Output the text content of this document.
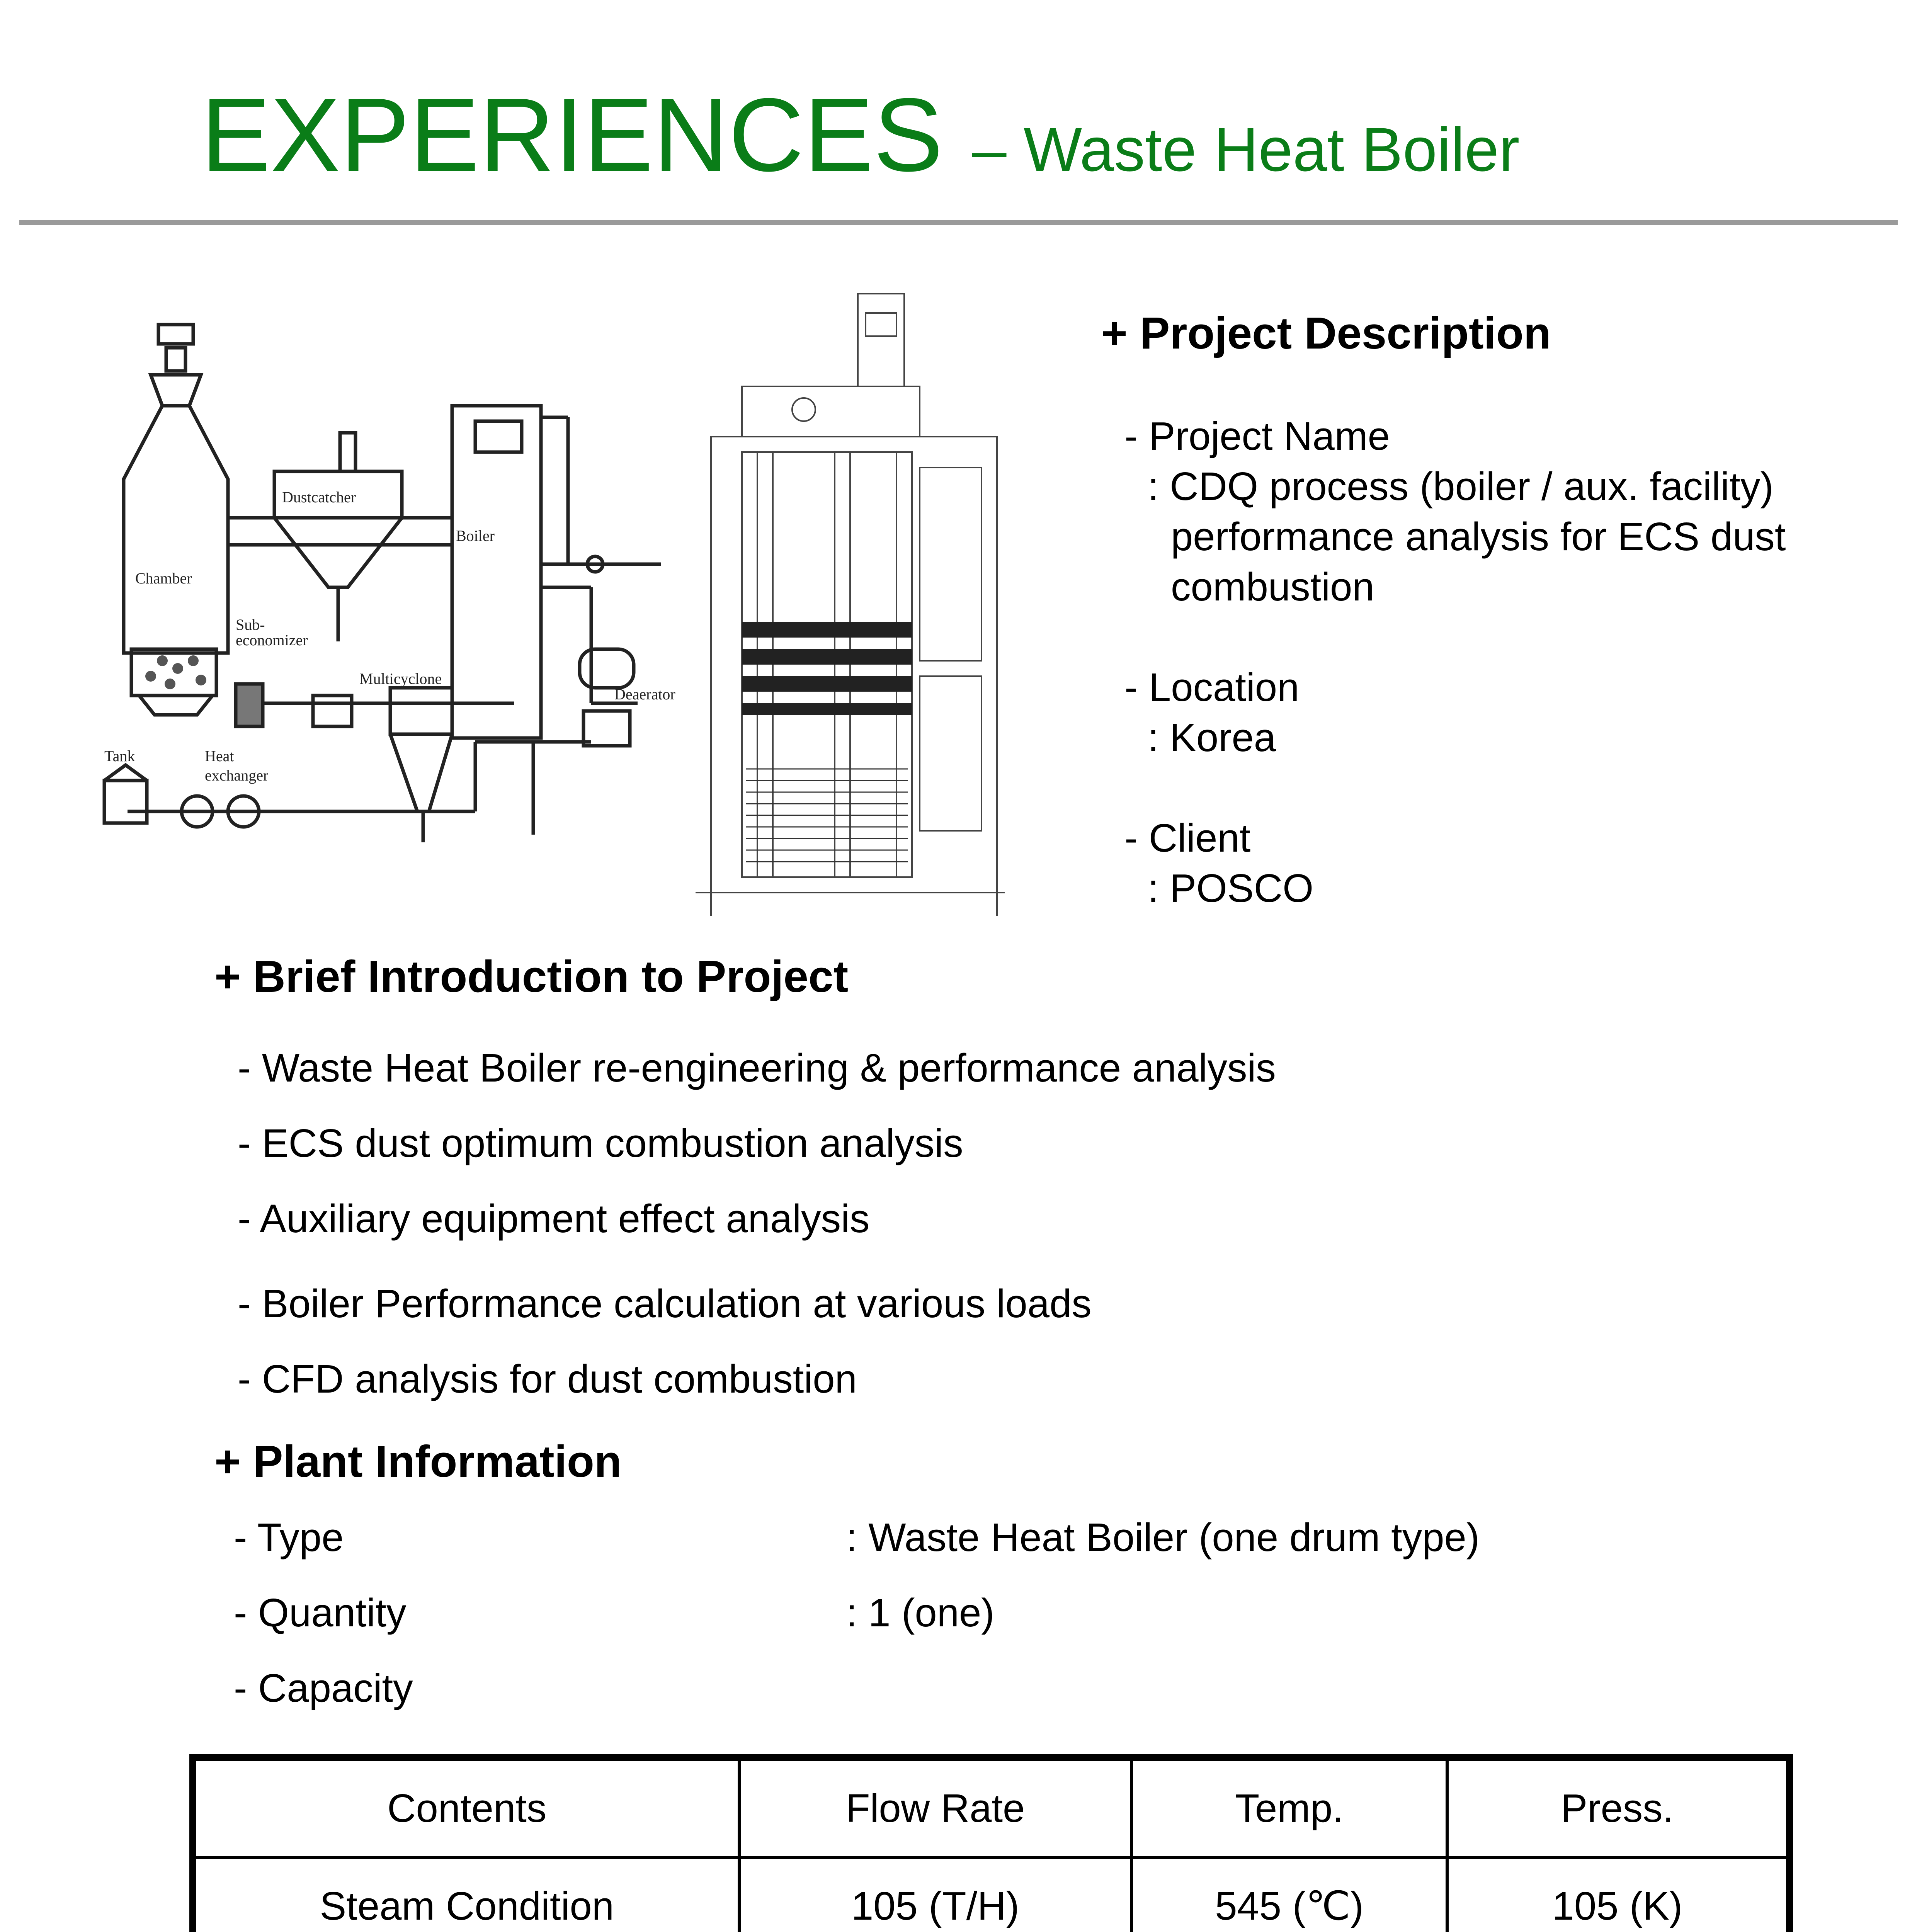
EXPERIENCES – Waste Heat Boiler
Dustcatcher
Boiler
Chamber
Sub-
economizer
Multicyclone
Deaerator
Tank	Heat
exchanger
+ Project Description
- Project Name
: CDQ process (boiler / aux. facility)
performance analysis for ECS dust
combustion
- Location
: Korea
- Client
: POSCO
+ Brief Introduction to Project
- Waste Heat Boiler re-engineering & performance analysis
- ECS dust optimum combustion analysis
- Auxiliary equipment effect analysis
- Boiler Performance calculation at various loads
- CFD analysis for dust combustion
+ Plant Information
- Type	: Waste Heat Boiler (one drum type)
- Quantity	: 1 (one)
- Capacity
Contents	Flow Rate	Temp.	Press.
Steam Condition	105 (T/H)	545 (℃)	105 (K)
